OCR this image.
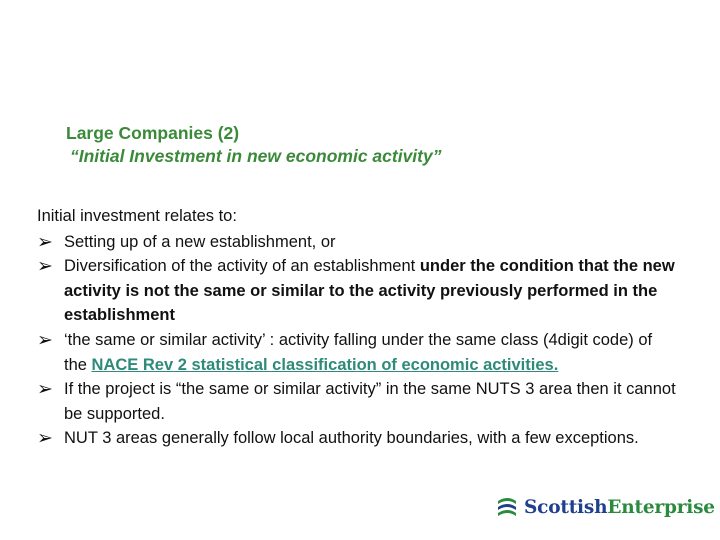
Large Companies (2)
“Initial Investment in new economic activity”
Initial investment relates to:
➢ Setting up of a new establishment, or
➢ Diversification of the activity of an establishment under the condition that the new activity is not the same or similar to the activity previously performed in the establishment
➢ ‘the same or similar activity’ : activity falling under the same class (4digit code) of the NACE Rev 2 statistical classification of economic activities.
➢ If the project is “the same or similar activity” in the same NUTS 3 area then it cannot be supported.
➢ NUT 3 areas generally follow local authority boundaries, with a few exceptions.
ScottishEnterprise
